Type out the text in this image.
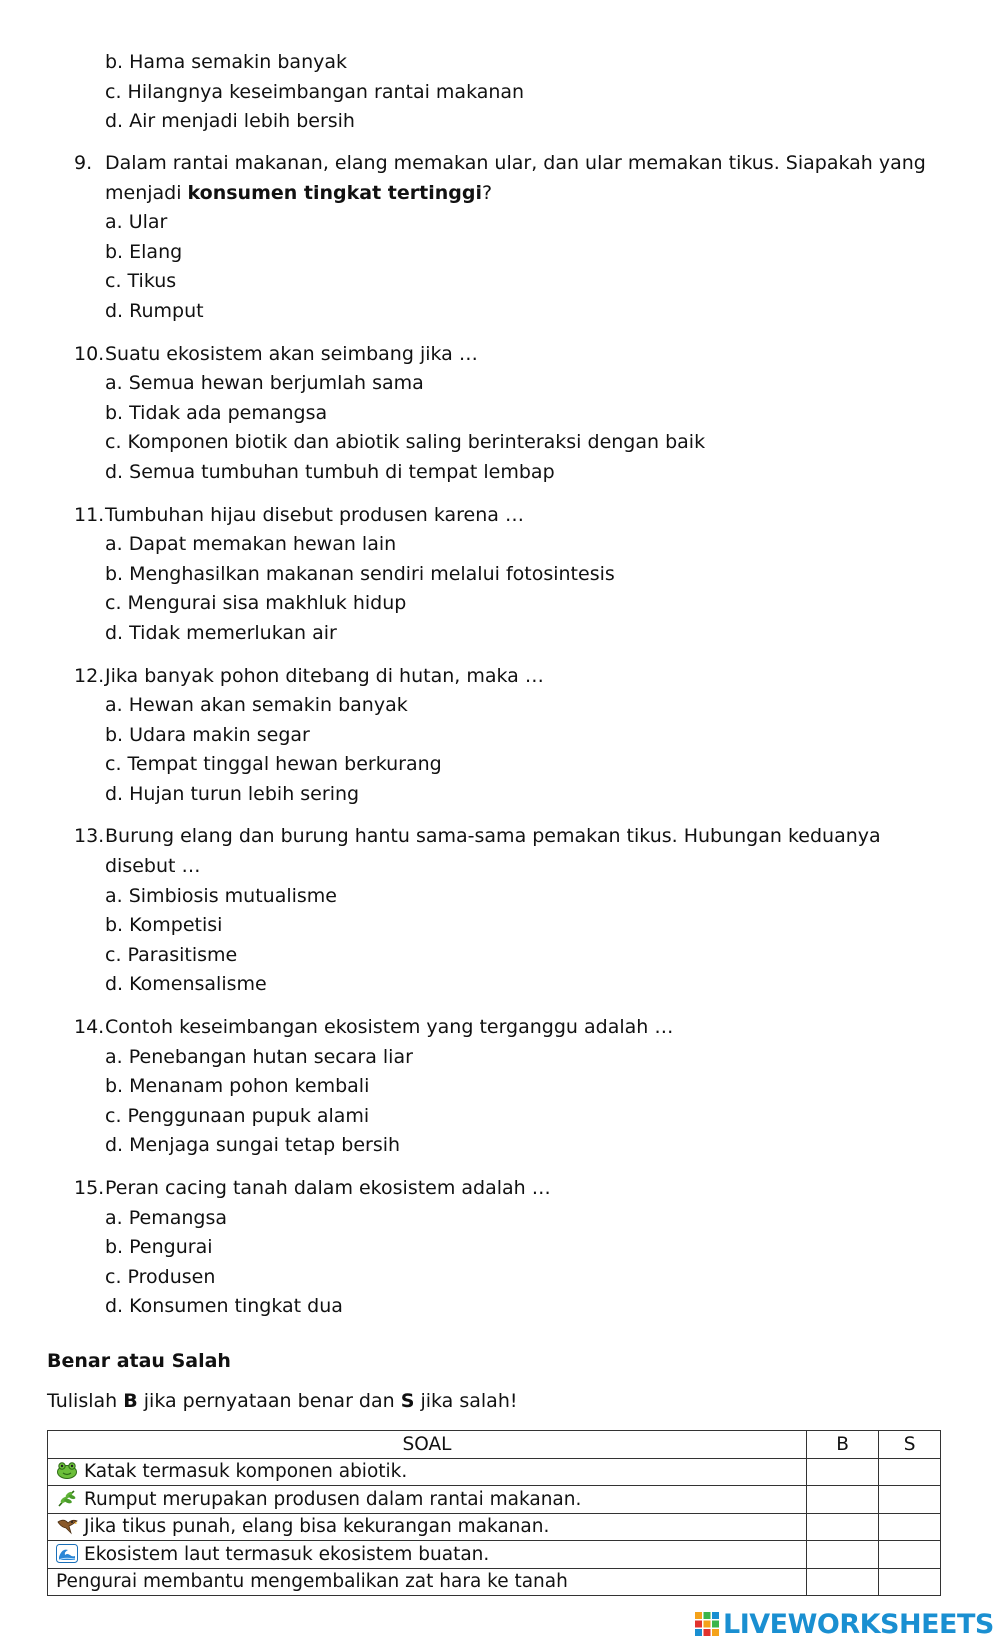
b. Hama semakin banyak
c. Hilangnya keseimbangan rantai makanan
d. Air menjadi lebih bersih
9. Dalam rantai makanan, elang memakan ular, dan ular memakan tikus. Siapakah yang menjadi konsumen tingkat tertinggi?
a. Ular
b. Elang
c. Tikus
d. Rumput
10. Suatu ekosistem akan seimbang jika …
a. Semua hewan berjumlah sama
b. Tidak ada pemangsa
c. Komponen biotik dan abiotik saling berinteraksi dengan baik
d. Semua tumbuhan tumbuh di tempat lembap
11. Tumbuhan hijau disebut produsen karena …
a. Dapat memakan hewan lain
b. Menghasilkan makanan sendiri melalui fotosintesis
c. Mengurai sisa makhluk hidup
d. Tidak memerlukan air
12. Jika banyak pohon ditebang di hutan, maka …
a. Hewan akan semakin banyak
b. Udara makin segar
c. Tempat tinggal hewan berkurang
d. Hujan turun lebih sering
13. Burung elang dan burung hantu sama-sama pemakan tikus. Hubungan keduanya disebut …
a. Simbiosis mutualisme
b. Kompetisi
c. Parasitisme
d. Komensalisme
14. Contoh keseimbangan ekosistem yang terganggu adalah …
a. Penebangan hutan secara liar
b. Menanam pohon kembali
c. Penggunaan pupuk alami
d. Menjaga sungai tetap bersih
15. Peran cacing tanah dalam ekosistem adalah …
a. Pemangsa
b. Pengurai
c. Produsen
d. Konsumen tingkat dua
Benar atau Salah
Tulislah B jika pernyataan benar dan S jika salah!
SOAL	B	S
Katak termasuk komponen abiotik.		
Rumput merupakan produsen dalam rantai makanan.		
Jika tikus punah, elang bisa kekurangan makanan.		
Ekosistem laut termasuk ekosistem buatan.		
Pengurai membantu mengembalikan zat hara ke tanah		
LIVEWORKSHEETS
